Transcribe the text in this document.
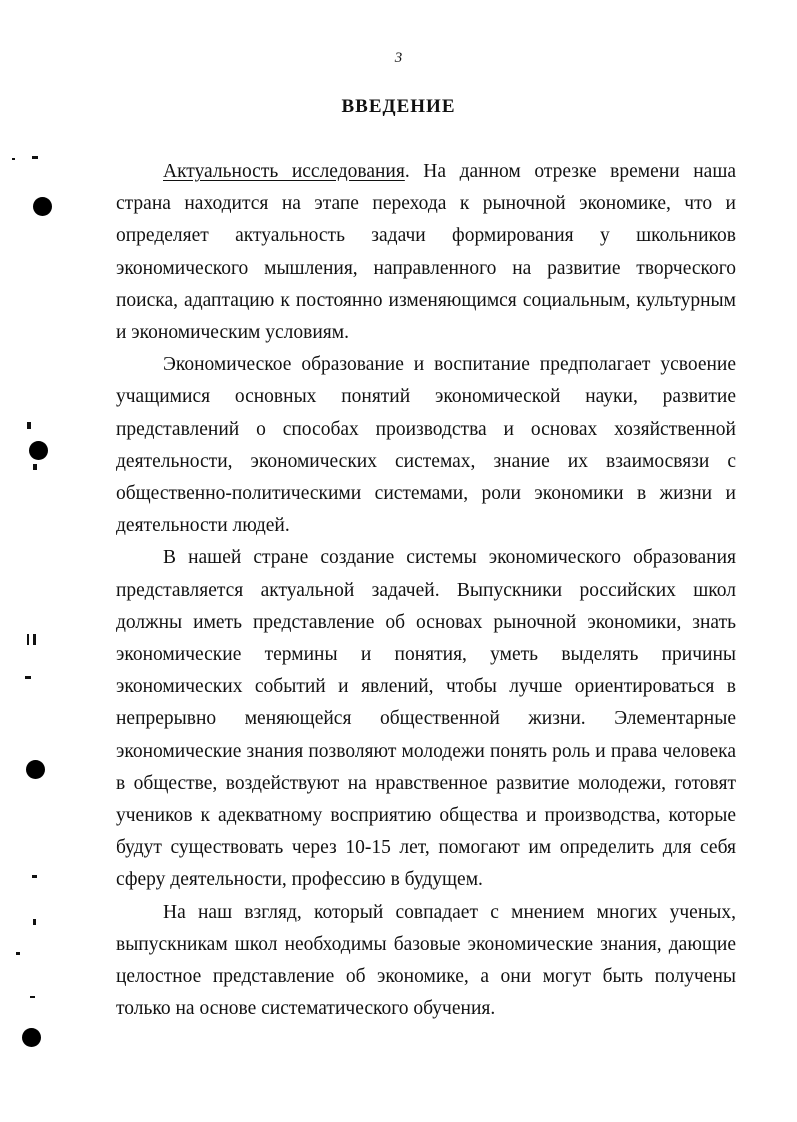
3
ВВЕДЕНИЕ

Актуальность исследования. На данном отрезке времени наша страна находится на этапе перехода к рыночной экономике, что и определяет актуальность задачи формирования у школьников экономического мышления, направленного на развитие творческого поиска, адаптацию к постоянно изменяющимся социальным, культурным и экономическим условиям.

Экономическое образование и воспитание предполагает усвоение учащимися основных понятий экономической науки, развитие представлений о способах производства и основах хозяйственной деятельности, экономических системах, знание их взаимосвязи с общественно-политическими системами, роли экономики в жизни и деятельности людей.

В нашей стране создание системы экономического образования представляется актуальной задачей. Выпускники российских школ должны иметь представление об основах рыночной экономики, знать экономические термины и понятия, уметь выделять причины экономических событий и явлений, чтобы лучше ориентироваться в непрерывно меняющейся общественной жизни. Элементарные экономические знания позволяют молодежи понять роль и права человека в обществе, воздействуют на нравственное развитие молодежи, готовят учеников к адекватному восприятию общества и производства, которые будут существовать через 10-15 лет, помогают им определить для себя сферу деятельности, профессию в будущем.

На наш взгляд, который совпадает с мнением многих ученых, выпускникам школ необходимы базовые экономические знания, дающие целостное представление об экономике, а они могут быть получены только на основе систематического обучения.
